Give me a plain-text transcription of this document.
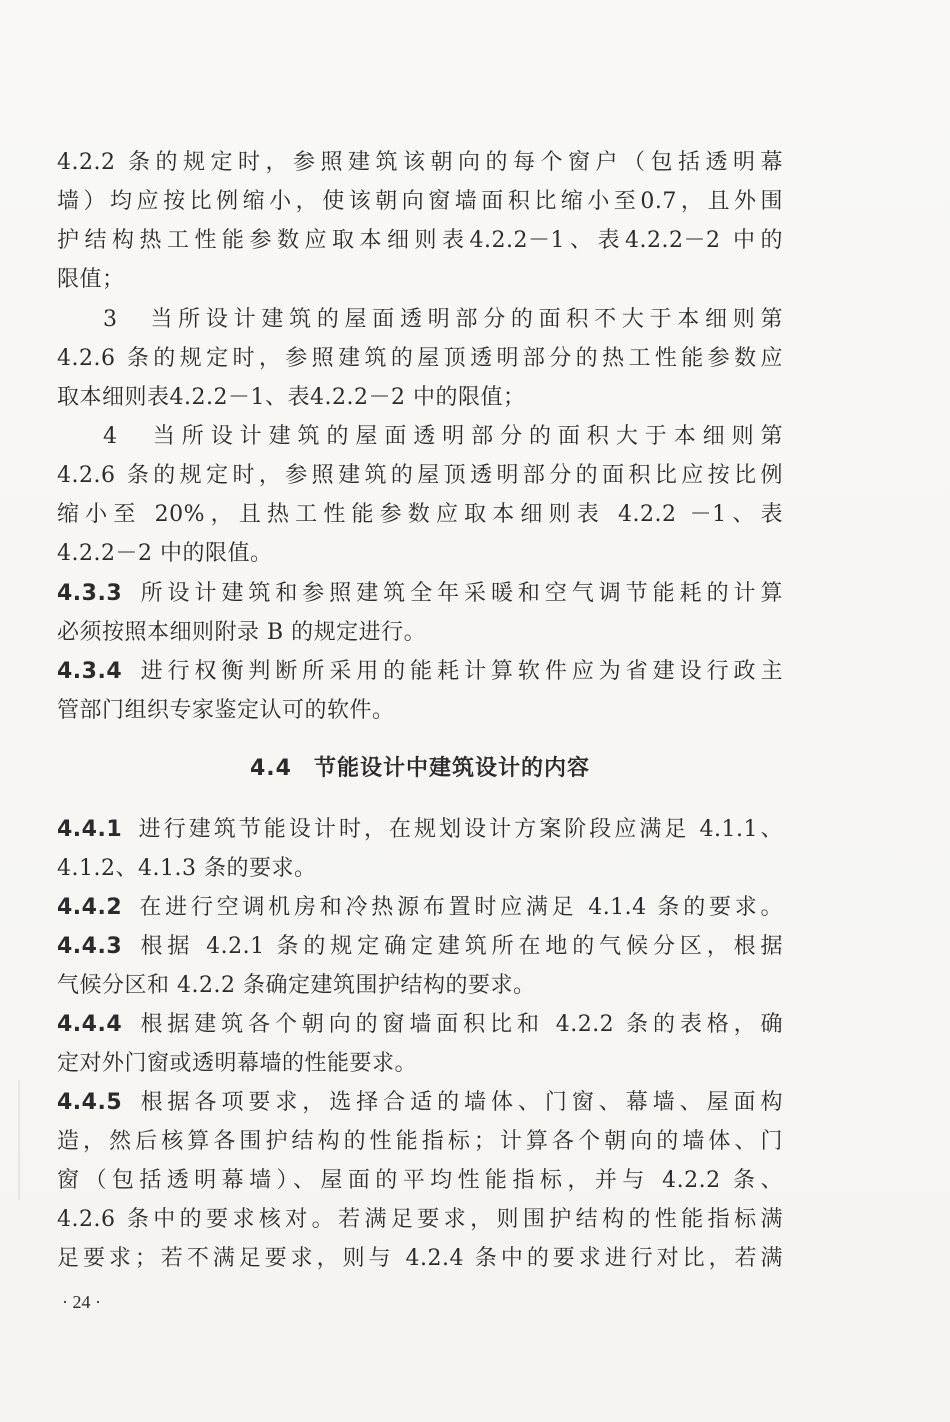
4.2.2 条的规定时，参照建筑该朝向的每个窗户（包括透明幕
墙）均应按比例缩小，使该朝向窗墙面积比缩小至0.7，且外围
护结构热工性能参数应取本细则表4.2.2－1、表4.2.2－2 中的
限值；
3　当所设计建筑的屋面透明部分的面积不大于本细则第
4.2.6 条的规定时，参照建筑的屋顶透明部分的热工性能参数应
取本细则表4.2.2－1、表4.2.2－2 中的限值；
4　当所设计建筑的屋面透明部分的面积大于本细则第
4.2.6 条的规定时，参照建筑的屋顶透明部分的面积比应按比例
缩小至 20%，且热工性能参数应取本细则表 4.2.2 －1、表
4.2.2－2 中的限值。
4.3.3 所设计建筑和参照建筑全年采暖和空气调节能耗的计算
必须按照本细则附录 B 的规定进行。
4.3.4 进行权衡判断所采用的能耗计算软件应为省建设行政主
管部门组织专家鉴定认可的软件。
4.4 节能设计中建筑设计的内容
4.4.1 进行建筑节能设计时，在规划设计方案阶段应满足 4.1.1、
4.1.2、4.1.3 条的要求。
4.4.2 在进行空调机房和冷热源布置时应满足 4.1.4 条的要求。
4.4.3 根据 4.2.1 条的规定确定建筑所在地的气候分区，根据
气候分区和 4.2.2 条确定建筑围护结构的要求。
4.4.4 根据建筑各个朝向的窗墙面积比和 4.2.2 条的表格，确
定对外门窗或透明幕墙的性能要求。
4.4.5 根据各项要求，选择合适的墙体、门窗、幕墙、屋面构
造，然后核算各围护结构的性能指标；计算各个朝向的墙体、门
窗（包括透明幕墙）、屋面的平均性能指标，并与 4.2.2 条、
4.2.6 条中的要求核对。若满足要求，则围护结构的性能指标满
足要求；若不满足要求，则与 4.2.4 条中的要求进行对比，若满
· 24 ·
